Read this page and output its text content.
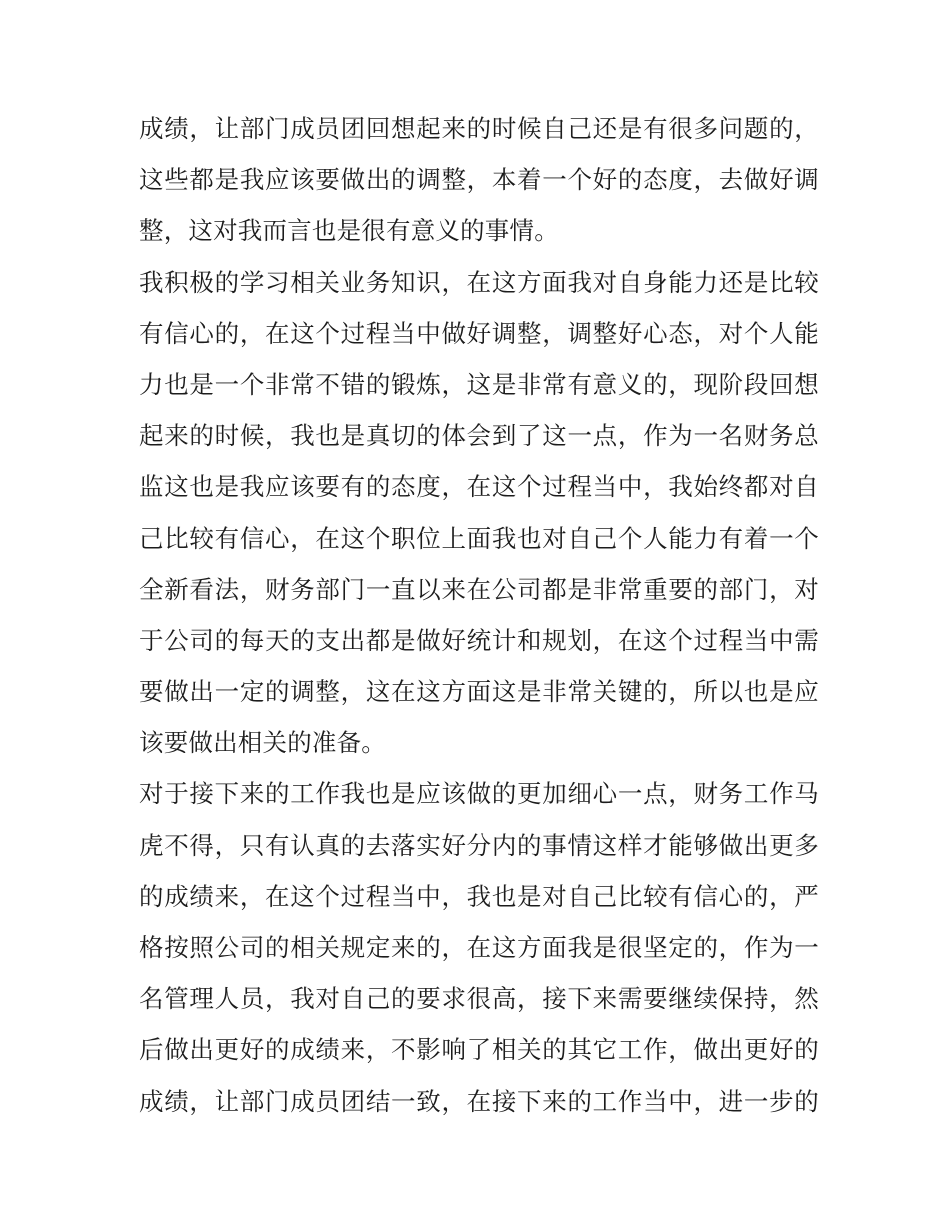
成绩，让部门成员团回想起来的时候自己还是有很多问题的，
这些都是我应该要做出的调整，本着一个好的态度，去做好调
整，这对我而言也是很有意义的事情。
我积极的学习相关业务知识，在这方面我对自身能力还是比较
有信心的，在这个过程当中做好调整，调整好心态，对个人能
力也是一个非常不错的锻炼，这是非常有意义的，现阶段回想
起来的时候，我也是真切的体会到了这一点，作为一名财务总
监这也是我应该要有的态度，在这个过程当中，我始终都对自
己比较有信心，在这个职位上面我也对自己个人能力有着一个
全新看法，财务部门一直以来在公司都是非常重要的部门，对
于公司的每天的支出都是做好统计和规划，在这个过程当中需
要做出一定的调整，这在这方面这是非常关键的，所以也是应
该要做出相关的准备。
对于接下来的工作我也是应该做的更加细心一点，财务工作马
虎不得，只有认真的去落实好分内的事情这样才能够做出更多
的成绩来，在这个过程当中，我也是对自己比较有信心的，严
格按照公司的相关规定来的，在这方面我是很坚定的，作为一
名管理人员，我对自己的要求很高，接下来需要继续保持，然
后做出更好的成绩来，不影响了相关的其它工作，做出更好的
成绩，让部门成员团结一致，在接下来的工作当中，进一步的
